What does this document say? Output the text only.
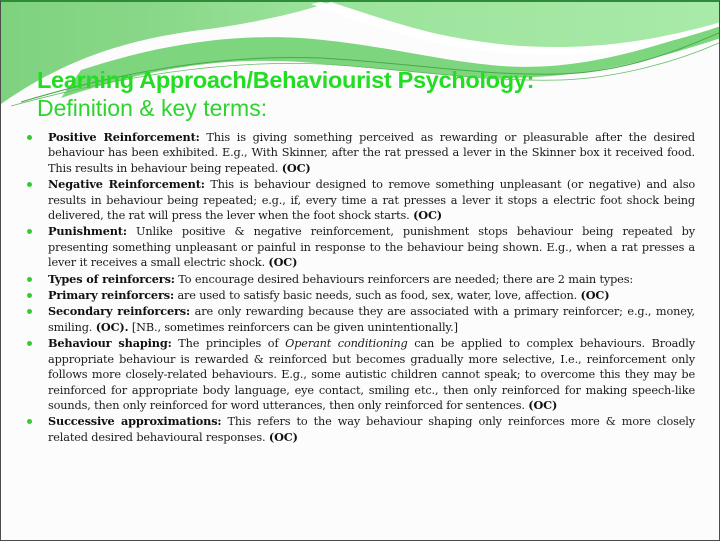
Learning Approach/Behaviourist Psychology:
Definition & key terms:
Positive Reinforcement: This is giving something perceived as rewarding or pleasurable after the desired behaviour has been exhibited. E.g., With Skinner, after the rat pressed a lever in the Skinner box it received food. This results in behaviour being repeated. (OC)
Negative Reinforcement: This is behaviour designed to remove something unpleasant (or negative) and also results in behaviour being repeated; e.g., if, every time a rat presses a lever it stops a electric foot shock being delivered, the rat will press the lever when the foot shock starts. (OC)
Punishment: Unlike positive & negative reinforcement, punishment stops behaviour being repeated by presenting something unpleasant or painful in response to the behaviour being shown. E.g., when a rat presses a lever it receives a small electric shock. (OC)
Types of reinforcers: To encourage desired behaviours reinforcers are needed; there are 2 main types:
Primary reinforcers: are used to satisfy basic needs, such as food, sex, water, love, affection. (OC)
Secondary reinforcers: are only rewarding because they are associated with a primary reinforcer; e.g., money, smiling. (OC). [NB., sometimes reinforcers can be given unintentionally.]
Behaviour shaping: The principles of Operant conditioning can be applied to complex behaviours. Broadly appropriate behaviour is rewarded & reinforced but becomes gradually more selective, I.e., reinforcement only follows more closely-related behaviours. E.g., some autistic children cannot speak; to overcome this they may be reinforced for appropriate body language, eye contact, smiling etc., then only reinforced for making speech-like sounds, then only reinforced for word utterances, then only reinforced for sentences. (OC)
Successive approximations: This refers to the way behaviour shaping only reinforces more & more closely related desired behavioural responses. (OC)
